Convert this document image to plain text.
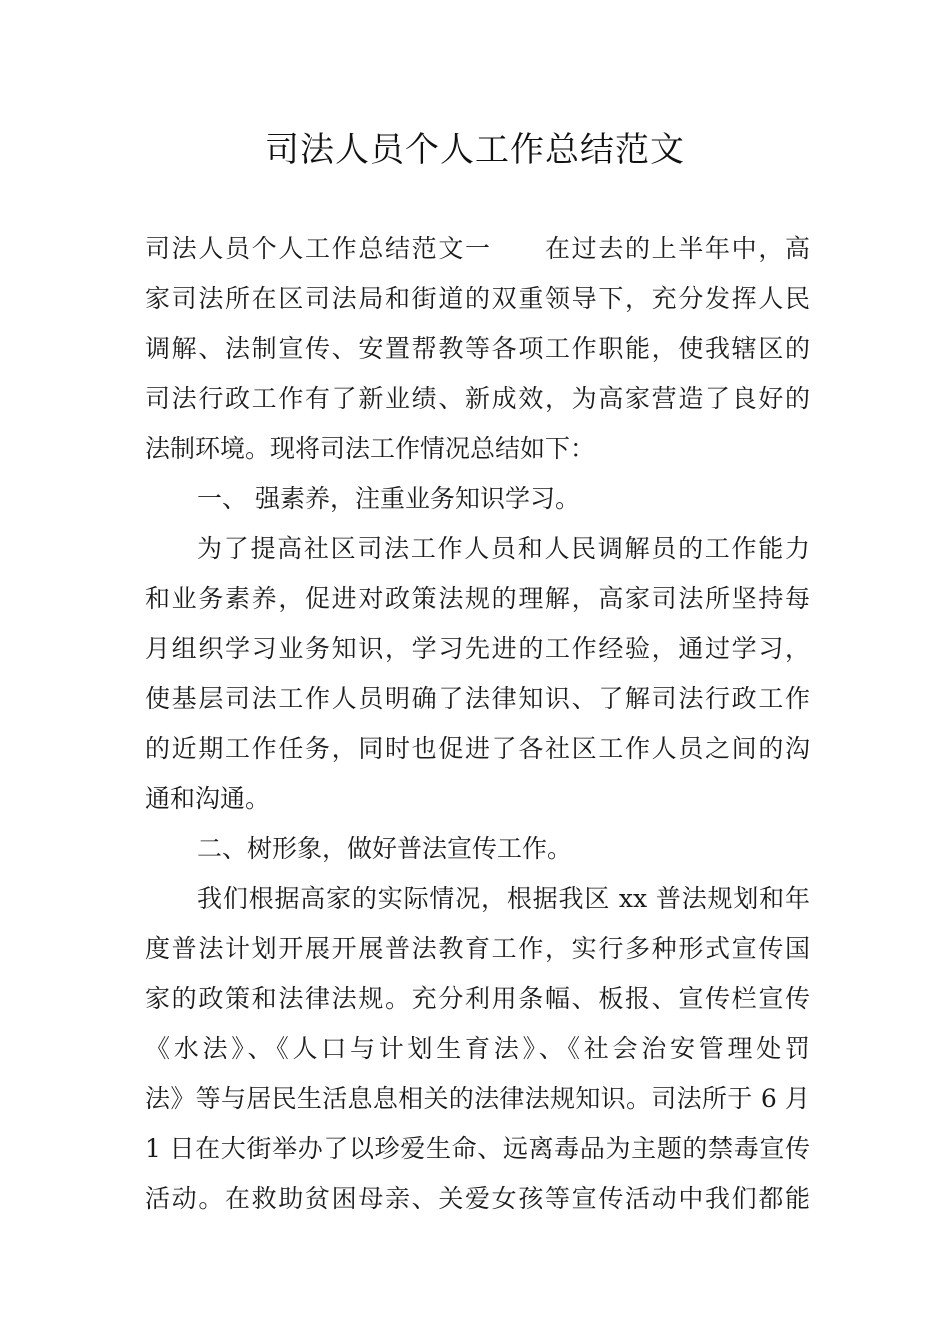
司法人员个人工作总结范文

司法人员个人工作总结范文一　　在过去的上半年中，高

家司法所在区司法局和街道的双重领导下，充分发挥人民

调解、法制宣传、安置帮教等各项工作职能，使我辖区的

司法行政工作有了新业绩、新成效，为高家营造了良好的

法制环境。现将司法工作情况总结如下：

一、 强素养，注重业务知识学习。

为了提高社区司法工作人员和人民调解员的工作能力

和业务素养，促进对政策法规的理解，高家司法所坚持每

月组织学习业务知识，学习先进的工作经验，通过学习，

使基层司法工作人员明确了法律知识、了解司法行政工作

的近期工作任务，同时也促进了各社区工作人员之间的沟

通和沟通。

二、树形象，做好普法宣传工作。

我们根据高家的实际情况，根据我区 xx 普法规划和年

度普法计划开展开展普法教育工作，实行多种形式宣传国

家的政策和法律法规。充分利用条幅、板报、宣传栏宣传

《水法》、《人口与计划生育法》、《社会治安管理处罚

法》等与居民生活息息相关的法律法规知识。司法所于 6 月

1 日在大街举办了以珍爱生命、远离毒品为主题的禁毒宣传

活动。在救助贫困母亲、关爱女孩等宣传活动中我们都能
